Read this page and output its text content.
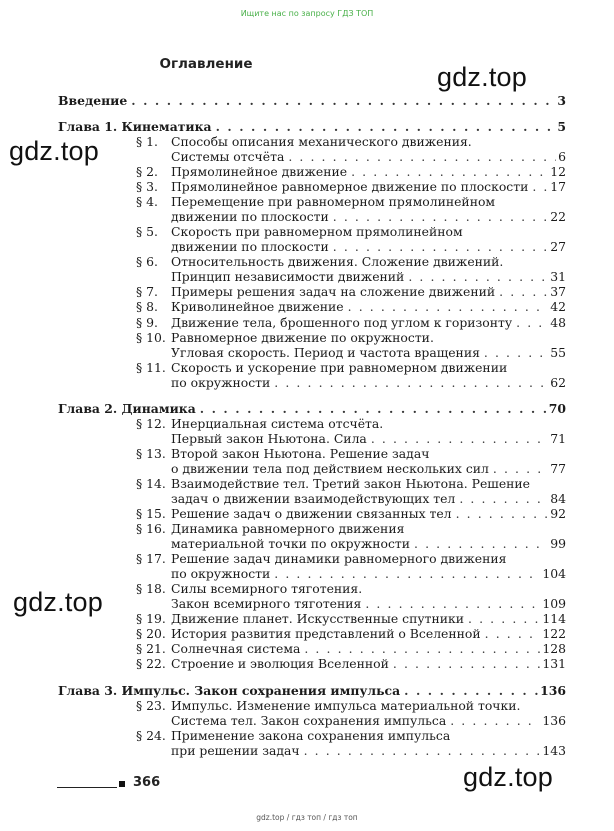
Ищите нас по запросу ГДЗ ТОП
gdz.top
gdz.top
gdz.top
gdz.top
Оглавление
Введение . . .	3
Глава 1. Кинематика . . .	5
§ 1. Способы описания механического движения.
Системы отсчёта . . .	6
§ 2. Прямолинейное движение . . .	12
§ 3. Прямолинейное равномерное движение по плоскости . . . 17
§ 4. Перемещение при равномерном прямолинейном
движении по плоскости . . .	22
§ 5. Скорость при равномерном прямолинейном
движении по плоскости . . .	27
§ 6. Относительность движения. Сложение движений.
Принцип независимости движений . . .	31
§ 7. Примеры решения задач на сложение движений . . .	37
§ 8. Криволинейное движение . . .	42
§ 9. Движение тела, брошенного под углом к горизонту . . .	48
§ 10. Равномерное движение по окружности.
Угловая скорость. Период и частота вращения . . .	55
§ 11. Скорость и ускорение при равномерном движении
по окружности . . .	62
Глава 2. Динамика . . .	70
§ 12. Инерциальная система отсчёта.
Первый закон Ньютона. Сила . . .	71
§ 13. Второй закон Ньютона. Решение задач
о движении тела под действием нескольких сил . . .	77
§ 14. Взаимодействие тел. Третий закон Ньютона. Решение
задач о движении взаимодействующих тел . . .	84
§ 15. Решение задач о движении связанных тел . . .	92
§ 16. Динамика равномерного движения
материальной точки по окружности . . .	99
§ 17. Решение задач динамики равномерного движения
по окружности . . .	104
§ 18. Силы всемирного тяготения.
Закон всемирного тяготения . . .	109
§ 19. Движение планет. Искусственные спутники . . .	114
§ 20. История развития представлений о Вселенной . . .	122
§ 21. Солнечная система . . .	128
§ 22. Строение и эволюция Вселенной . . .	131
Глава 3. Импульс. Закон сохранения импульса . . .	136
§ 23. Импульс. Изменение импульса материальной точки.
Система тел. Закон сохранения импульса . . .	136
§ 24. Применение закона сохранения импульса
при решении задач . . .	143
366
gdz.top / гдз топ / гдз топ
